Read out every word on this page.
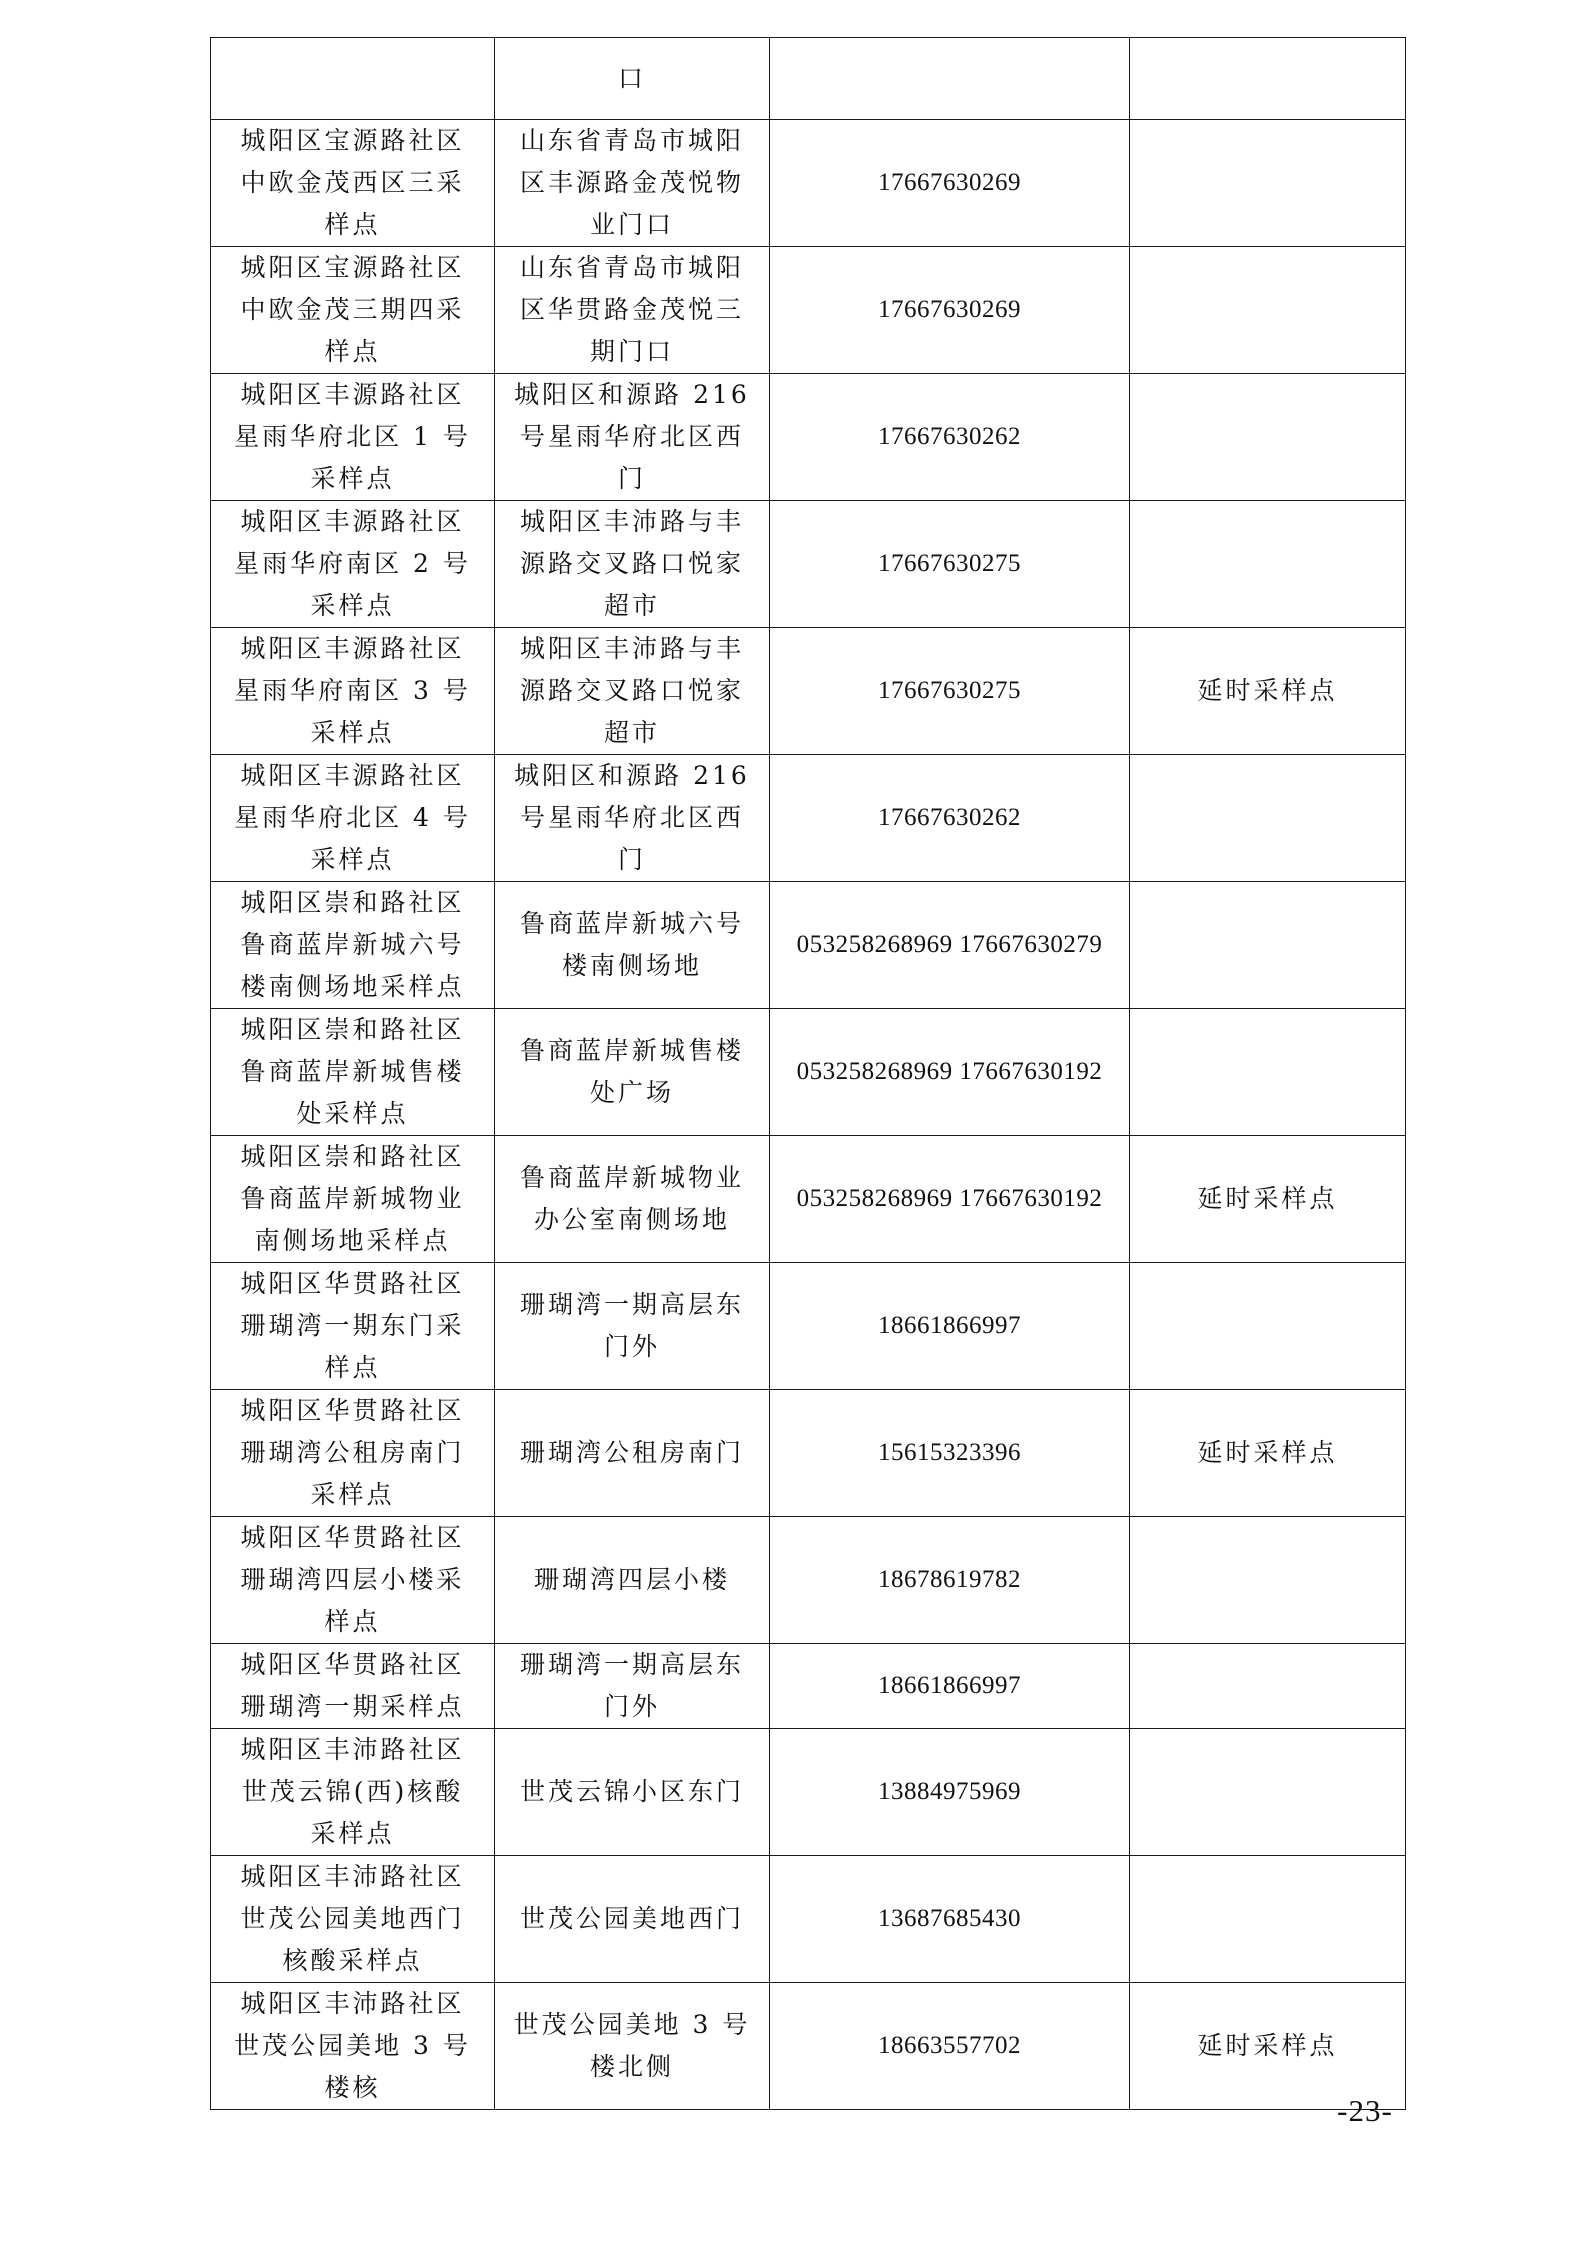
	口		
城阳区宝源路社区中欧金茂西区三采样点	山东省青岛市城阳区丰源路金茂悦物业门口	17667630269	
城阳区宝源路社区中欧金茂三期四采样点	山东省青岛市城阳区华贯路金茂悦三期门口	17667630269	
城阳区丰源路社区星雨华府北区 1 号采样点	城阳区和源路 216 号星雨华府北区西门	17667630262	
城阳区丰源路社区星雨华府南区 2 号采样点	城阳区丰沛路与丰源路交叉路口悦家超市	17667630275	
城阳区丰源路社区星雨华府南区 3 号采样点	城阳区丰沛路与丰源路交叉路口悦家超市	17667630275	延时采样点
城阳区丰源路社区星雨华府北区 4 号采样点	城阳区和源路 216 号星雨华府北区西门	17667630262	
城阳区崇和路社区鲁商蓝岸新城六号楼南侧场地采样点	鲁商蓝岸新城六号楼南侧场地	053258268969 17667630279	
城阳区崇和路社区鲁商蓝岸新城售楼处采样点	鲁商蓝岸新城售楼处广场	053258268969 17667630192	
城阳区崇和路社区鲁商蓝岸新城物业南侧场地采样点	鲁商蓝岸新城物业办公室南侧场地	053258268969 17667630192	延时采样点
城阳区华贯路社区珊瑚湾一期东门采样点	珊瑚湾一期高层东门外	18661866997	
城阳区华贯路社区珊瑚湾公租房南门采样点	珊瑚湾公租房南门	15615323396	延时采样点
城阳区华贯路社区珊瑚湾四层小楼采样点	珊瑚湾四层小楼	18678619782	
城阳区华贯路社区珊瑚湾一期采样点	珊瑚湾一期高层东门外	18661866997	
城阳区丰沛路社区世茂云锦(西)核酸采样点	世茂云锦小区东门	13884975969	
城阳区丰沛路社区世茂公园美地西门核酸采样点	世茂公园美地西门	13687685430	
城阳区丰沛路社区世茂公园美地 3 号楼核	世茂公园美地 3 号楼北侧	18663557702	延时采样点
-23-
